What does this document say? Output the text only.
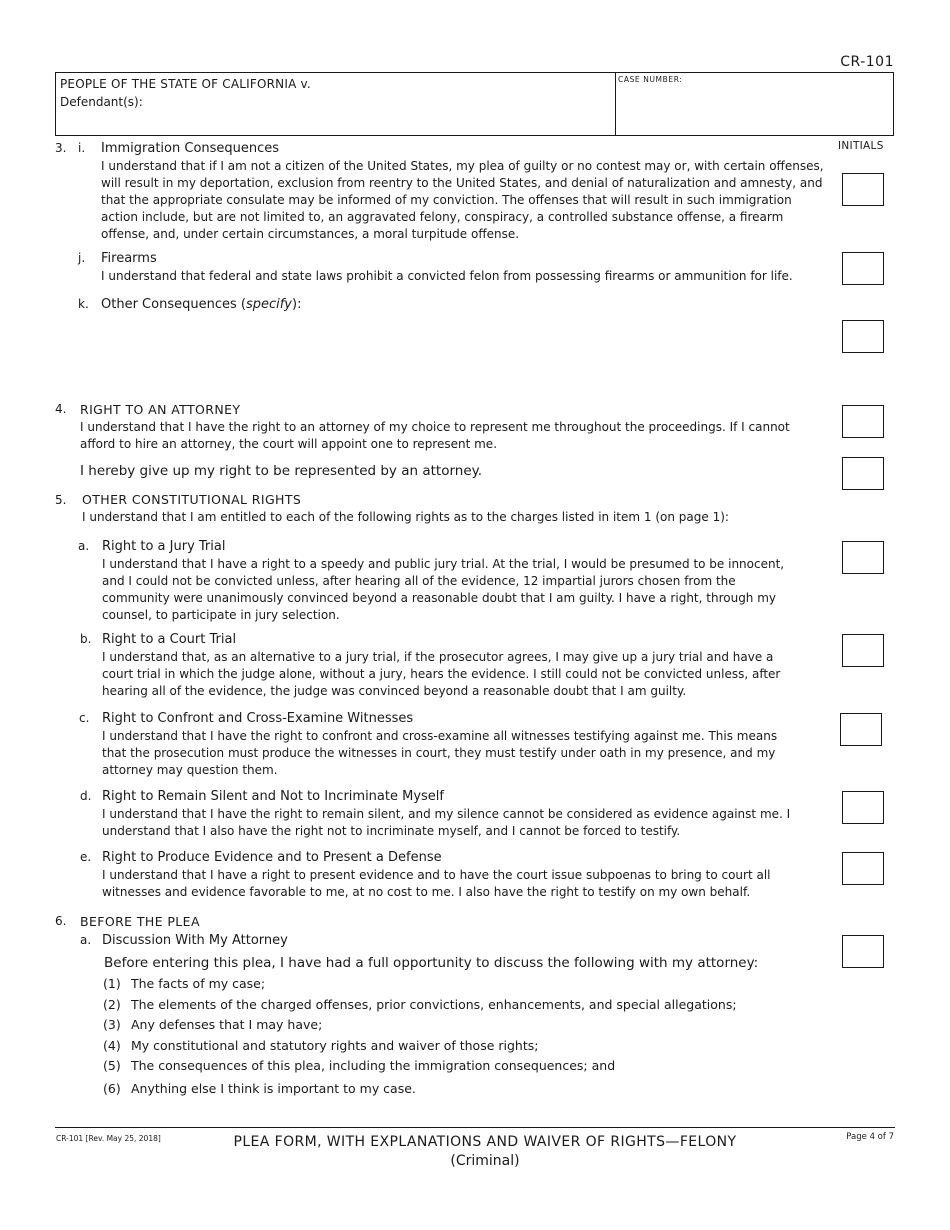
CR-101
PEOPLE OF THE STATE OF CALIFORNIA v.
Defendant(s):
CASE NUMBER:
INITIALS
3. i. Immigration Consequences

I understand that if I am not a citizen of the United States, my plea of guilty or no contest may or, with certain offenses,

will result in my deportation, exclusion from reentry to the United States, and denial of naturalization and amnesty, and

that the appropriate consulate may be informed of my conviction. The offenses that will result in such immigration

action include, but are not limited to, an aggravated felony, conspiracy, a controlled substance offense, a firearm

offense, and, under certain circumstances, a moral turpitude offense.

j. Firearms

I understand that federal and state laws prohibit a convicted felon from possessing firearms or ammunition for life.

k. Other Consequences (specify):
4. RIGHT TO AN ATTORNEY

I understand that I have the right to an attorney of my choice to represent me throughout the proceedings. If I cannot

afford to hire an attorney, the court will appoint one to represent me.

I hereby give up my right to be represented by an attorney.
5. OTHER CONSTITUTIONAL RIGHTS

I understand that I am entitled to each of the following rights as to the charges listed in item 1 (on page 1):

a. Right to a Jury Trial

I understand that I have a right to a speedy and public jury trial. At the trial, I would be presumed to be innocent,

and I could not be convicted unless, after hearing all of the evidence, 12 impartial jurors chosen from the

community were unanimously convinced beyond a reasonable doubt that I am guilty. I have a right, through my

counsel, to participate in jury selection.

b. Right to a Court Trial

I understand that, as an alternative to a jury trial, if the prosecutor agrees, I may give up a jury trial and have a

court trial in which the judge alone, without a jury, hears the evidence. I still could not be convicted unless, after

hearing all of the evidence, the judge was convinced beyond a reasonable doubt that I am guilty.

c. Right to Confront and Cross-Examine Witnesses

I understand that I have the right to confront and cross-examine all witnesses testifying against me. This means

that the prosecution must produce the witnesses in court, they must testify under oath in my presence, and my

attorney may question them.

d. Right to Remain Silent and Not to Incriminate Myself

I understand that I have the right to remain silent, and my silence cannot be considered as evidence against me. I

understand that I also have the right not to incriminate myself, and I cannot be forced to testify.

e. Right to Produce Evidence and to Present a Defense

I understand that I have a right to present evidence and to have the court issue subpoenas to bring to court all

witnesses and evidence favorable to me, at no cost to me. I also have the right to testify on my own behalf.

6. BEFORE THE PLEA
a. Discussion With My Attorney
Before entering this plea, I have had a full opportunity to discuss the following with my attorney:
(1) The facts of my case;
(2) The elements of the charged offenses, prior convictions, enhancements, and special allegations;
(3) Any defenses that I may have;
(4) My constitutional and statutory rights and waiver of those rights;
(5) The consequences of this plea, including the immigration consequences; and
(6) Anything else I think is important to my case.
CR-101 [Rev. May 25, 2018]	PLEA FORM, WITH EXPLANATIONS AND WAIVER OF RIGHTS—FELONY
(Criminal)
Page 4 of 7
